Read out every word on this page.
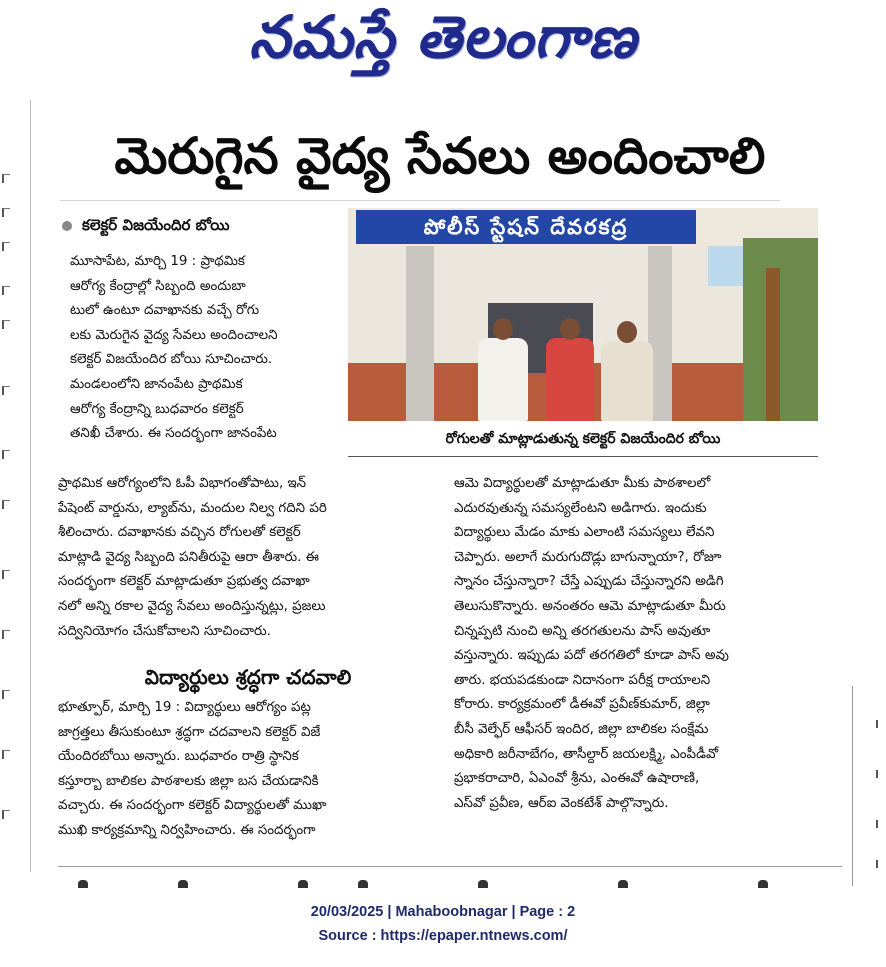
నమస్తే తెలంగాణ
మెరుగైన వైద్య సేవలు అందించాలి
కలెక్టర్ విజయేందిర బోయి	పోలీస్ స్టేషన్ దేవరకద్ర
రోగులతో మాట్లాడుతున్న కలెక్టర్ విజయేందిర బోయి

మూసాపేట, మార్చి 19 : ప్రాథమిక

ఆరోగ్య కేంద్రాల్లో సిబ్బంది అందుబా

టులో ఉంటూ దవాఖానకు వచ్చే రోగు

లకు మెరుగైన వైద్య సేవలు అందించాలని

కలెక్టర్ విజయేందిర బోయి సూచించారు.

మండలంలోని జానంపేట ప్రాథమిక

ఆరోగ్య కేంద్రాన్ని బుధవారం కలెక్టర్

తనిఖీ చేశారు. ఈ సందర్భంగా జానంపేట

ప్రాథమిక ఆరోగ్యంలోని ఓపీ విభాగంతోపాటు, ఇన్

పేషెంట్ వార్డును, ల్యాబ్‌ను, మందుల నిల్వ గదిని పరి

శీలించారు. దవాఖానకు వచ్చిన రోగులతో కలెక్టర్

మాట్లాడి వైద్య సిబ్బంది పనితీరుపై ఆరా తీశారు. ఈ

సందర్భంగా కలెక్టర్ మాట్లాడుతూ ప్రభుత్వ దవాఖా

నలో అన్ని రకాల వైద్య సేవలు అందిస్తున్నట్లు, ప్రజలు

సద్వినియోగం చేసుకోవాలని సూచించారు.

విద్యార్థులు శ్రద్ధగా చదవాలి

భూత్పూర్, మార్చి 19 : విద్యార్థులు ఆరోగ్యం పట్ల

జాగ్రత్తలు తీసుకుంటూ శ్రద్ధగా చదవాలని కలెక్టర్ విజే

యేందిరబోయి అన్నారు. బుధవారం రాత్రి స్థానిక

కస్తూర్బా బాలికల పాఠశాలకు జిల్లా బస చేయడానికి

వచ్చారు. ఈ సందర్భంగా కలెక్టర్ విద్యార్థులతో ముఖా

ముఖి కార్యక్రమాన్ని నిర్వహించారు. ఈ సందర్భంగా

ఆమె విద్యార్థులతో మాట్లాడుతూ మీకు పాఠశాలలో

ఎదురవుతున్న సమస్యలేంటని అడిగారు. ఇందుకు

విద్యార్థులు మేడం మాకు ఎలాంటి సమస్యలు లేవని

చెప్పారు. అలాగే మరుగుదొడ్లు బాగున్నాయా?, రోజూ

స్నానం చేస్తున్నారా? చేస్తే ఎప్పుడు చేస్తున్నారని అడిగి

తెలుసుకొన్నారు. అనంతరం ఆమె మాట్లాడుతూ మీరు

చిన్నప్పటి నుంచి అన్ని తరగతులను పాస్ అవుతూ

వస్తున్నారు. ఇప్పుడు పదో తరగతిలో కూడా పాస్ అవు

తారు. భయపడకుండా నిదానంగా పరీక్ష రాయాలని

కోరారు. కార్యక్రమంలో డీఈవో ప్రవీణ్‌కుమార్, జిల్లా

బీసీ వెల్ఫేర్ ఆఫీసర్ ఇందిర, జిల్లా బాలికల సంక్షేమ

అధికారి జరీనాబేగం, తాసీల్దార్ జయలక్ష్మి, ఎంపీడీవో

ప్రభాకరాచారి, ఏఎంవో శ్రీను, ఎంఈవో ఉషారాణి,

ఎస్‌వో ప్రవీణ, ఆర్‌ఐ వెంకటేశ్ పాల్గొన్నారు.

20/03/2025 | Mahaboobnagar | Page : 2
Source : https://epaper.ntnews.com/
